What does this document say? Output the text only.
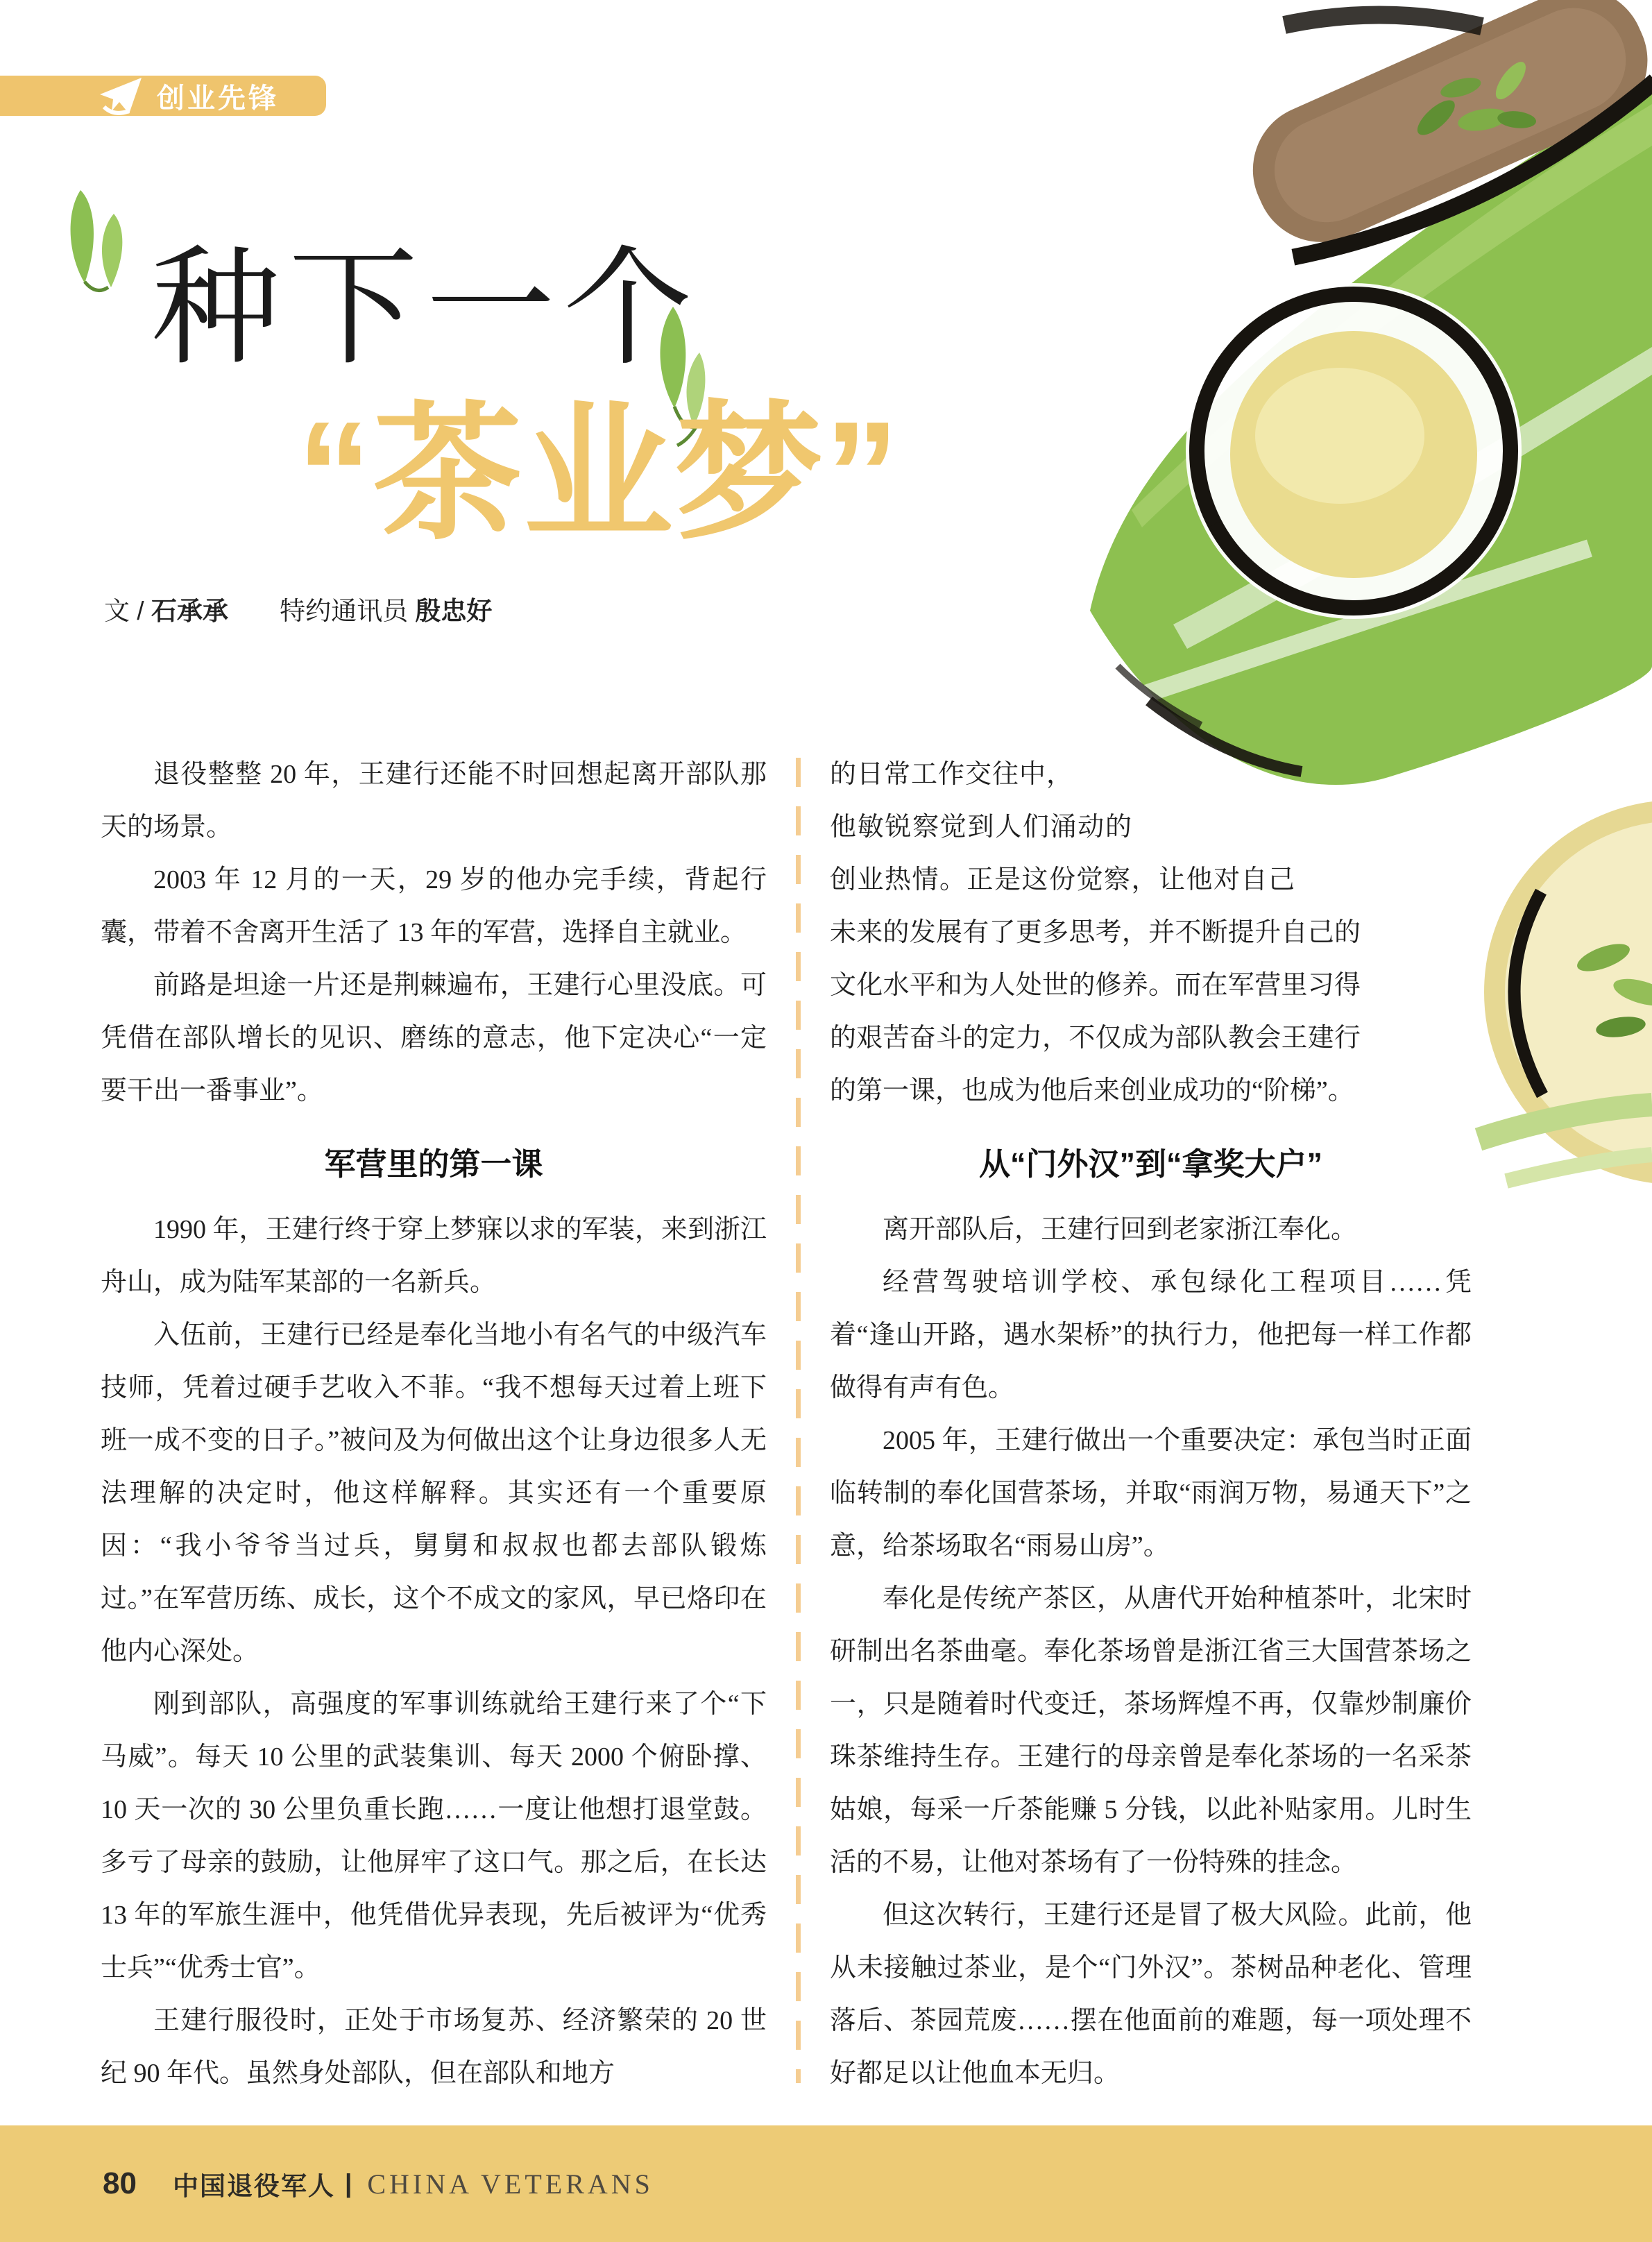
创业先锋
种下一个
“茶业梦”
文 / 石承承 特约通讯员 殷忠好

退役整整 20 年，王建行还能不时回想起离开部队那天的场景。

2003 年 12 月的一天，29 岁的他办完手续，背起行囊，带着不舍离开生活了 13 年的军营，选择自主就业。

前路是坦途一片还是荆棘遍布，王建行心里没底。可凭借在部队增长的见识、磨练的意志，他下定决心“一定要干出一番事业”。

军营里的第一课

1990 年，王建行终于穿上梦寐以求的军装，来到浙江舟山，成为陆军某部的一名新兵。

入伍前，王建行已经是奉化当地小有名气的中级汽车技师，凭着过硬手艺收入不菲。“我不想每天过着上班下班一成不变的日子。”被问及为何做出这个让身边很多人无法理解的决定时，他这样解释。其实还有一个重要原因：“我小爷爷当过兵，舅舅和叔叔也都去部队锻炼过。”在军营历练、成长，这个不成文的家风，早已烙印在他内心深处。

刚到部队，高强度的军事训练就给王建行来了个“下马威”。每天 10 公里的武装集训、每天 2000 个俯卧撑、10 天一次的 30 公里负重长跑……一度让他想打退堂鼓。多亏了母亲的鼓励，让他屏牢了这口气。那之后，在长达 13 年的军旅生涯中，他凭借优异表现，先后被评为“优秀士兵”“优秀士官”。

王建行服役时，正处于市场复苏、经济繁荣的 20 世纪 90 年代。虽然身处部队，但在部队和地方

的日常工作交往中，他敏锐察觉到人们涌动的创业热情。正是这份觉察，让他对自己未来的发展有了更多思考，并不断提升自己的文化水平和为人处世的修养。而在军营里习得的艰苦奋斗的定力，不仅成为部队教会王建行的第一课，也成为他后来创业成功的“阶梯”。

从“门外汉”到“拿奖大户”

离开部队后，王建行回到老家浙江奉化。

经营驾驶培训学校、承包绿化工程项目……凭着“逢山开路，遇水架桥”的执行力，他把每一样工作都做得有声有色。

2005 年，王建行做出一个重要决定：承包当时正面临转制的奉化国营茶场，并取“雨润万物，易通天下”之意，给茶场取名“雨易山房”。

奉化是传统产茶区，从唐代开始种植茶叶，北宋时研制出名茶曲毫。奉化茶场曾是浙江省三大国营茶场之一，只是随着时代变迁，茶场辉煌不再，仅靠炒制廉价珠茶维持生存。王建行的母亲曾是奉化茶场的一名采茶姑娘，每采一斤茶能赚 5 分钱，以此补贴家用。儿时生活的不易，让他对茶场有了一份特殊的挂念。

但这次转行，王建行还是冒了极大风险。此前，他从未接触过茶业，是个“门外汉”。茶树品种老化、管理落后、茶园荒废……摆在他面前的难题，每一项处理不好都足以让他血本无归。

80 中国退役军人 | CHINA VETERANS
